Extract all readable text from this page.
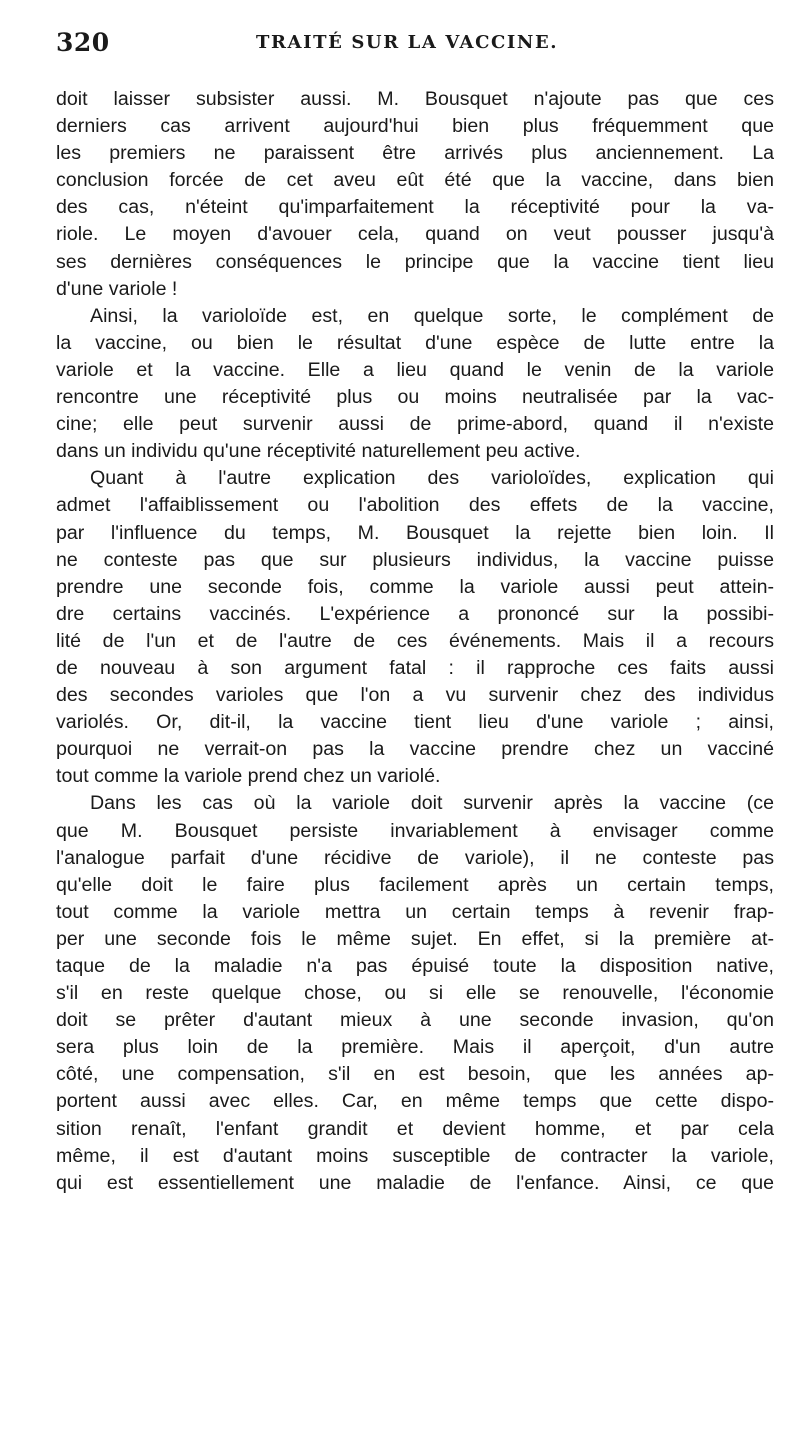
320	TRAITÉ SUR LA VACCINE.
doit laisser subsister aussi. M. Bousquet n'ajoute pas que ces
derniers cas arrivent aujourd'hui bien plus fréquemment que
les premiers ne paraissent être arrivés plus anciennement. La
conclusion forcée de cet aveu eût été que la vaccine, dans bien
des cas, n'éteint qu'imparfaitement la réceptivité pour la va-
riole. Le moyen d'avouer cela, quand on veut pousser jusqu'à
ses dernières conséquences le principe que la vaccine tient lieu
d'une variole !
Ainsi, la varioloïde est, en quelque sorte, le complément de
la vaccine, ou bien le résultat d'une espèce de lutte entre la
variole et la vaccine. Elle a lieu quand le venin de la variole
rencontre une réceptivité plus ou moins neutralisée par la vac-
cine; elle peut survenir aussi de prime-abord, quand il n'existe
dans un individu qu'une réceptivité naturellement peu active.
Quant à l'autre explication des varioloïdes, explication qui
admet l'affaiblissement ou l'abolition des effets de la vaccine,
par l'influence du temps, M. Bousquet la rejette bien loin. Il
ne conteste pas que sur plusieurs individus, la vaccine puisse
prendre une seconde fois, comme la variole aussi peut attein-
dre certains vaccinés. L'expérience a prononcé sur la possibi-
lité de l'un et de l'autre de ces événements. Mais il a recours
de nouveau à son argument fatal : il rapproche ces faits aussi
des secondes varioles que l'on a vu survenir chez des individus
variolés. Or, dit-il, la vaccine tient lieu d'une variole ; ainsi,
pourquoi ne verrait-on pas la vaccine prendre chez un vacciné
tout comme la variole prend chez un variolé.
Dans les cas où la variole doit survenir après la vaccine (ce
que M. Bousquet persiste invariablement à envisager comme
l'analogue parfait d'une récidive de variole), il ne conteste pas
qu'elle doit le faire plus facilement après un certain temps,
tout comme la variole mettra un certain temps à revenir frap-
per une seconde fois le même sujet. En effet, si la première at-
taque de la maladie n'a pas épuisé toute la disposition native,
s'il en reste quelque chose, ou si elle se renouvelle, l'économie
doit se prêter d'autant mieux à une seconde invasion, qu'on
sera plus loin de la première. Mais il aperçoit, d'un autre
côté, une compensation, s'il en est besoin, que les années ap-
portent aussi avec elles. Car, en même temps que cette dispo-
sition renaît, l'enfant grandit et devient homme, et par cela
même, il est d'autant moins susceptible de contracter la variole,
qui est essentiellement une maladie de l'enfance. Ainsi, ce que
